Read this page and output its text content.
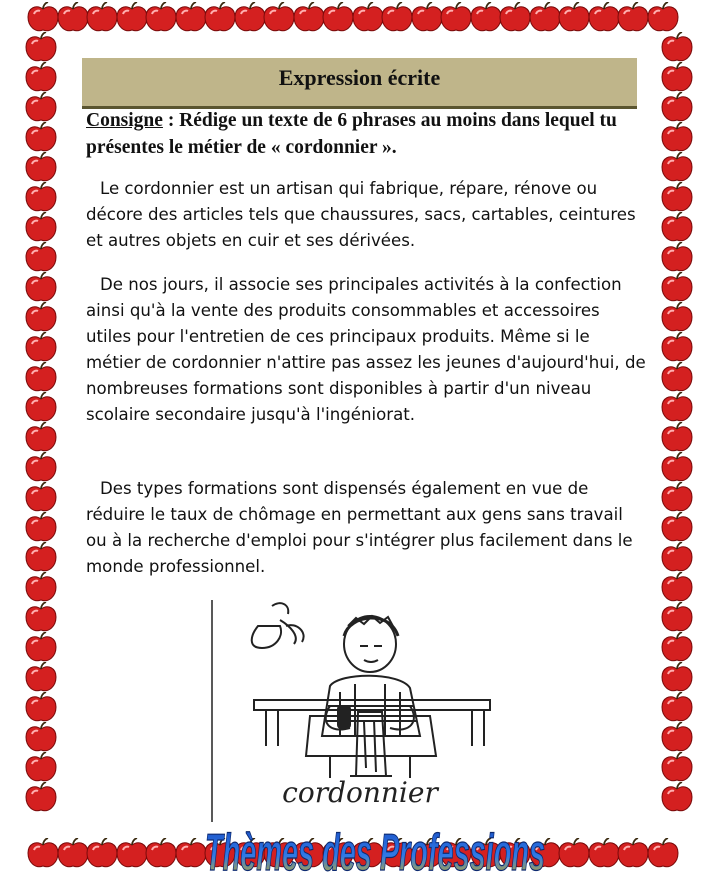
Expression écrite
Consigne : Rédige un texte de 6 phrases au moins dans lequel tu présentes le métier de « cordonnier ».
Le cordonnier est un artisan qui fabrique, répare, rénove ou décore des articles tels que chaussures, sacs, cartables, ceintures et autres objets en cuir et ses dérivées.
De nos jours, il associe ses principales activités à la confection ainsi qu'à la vente des produits consommables et accessoires utiles pour l'entretien de ces principaux produits. Même si le métier de cordonnier n'attire pas assez les jeunes d'aujourd'hui, de nombreuses formations sont disponibles à partir d'un niveau scolaire secondaire jusqu'à l'ingéniorat.
Des types formations sont dispensés également en vue de réduire le taux de chômage en permettant aux gens sans travail ou à la recherche d'emploi pour s'intégrer plus facilement dans le monde professionnel.
cordonnier
Thèmes des Professions
